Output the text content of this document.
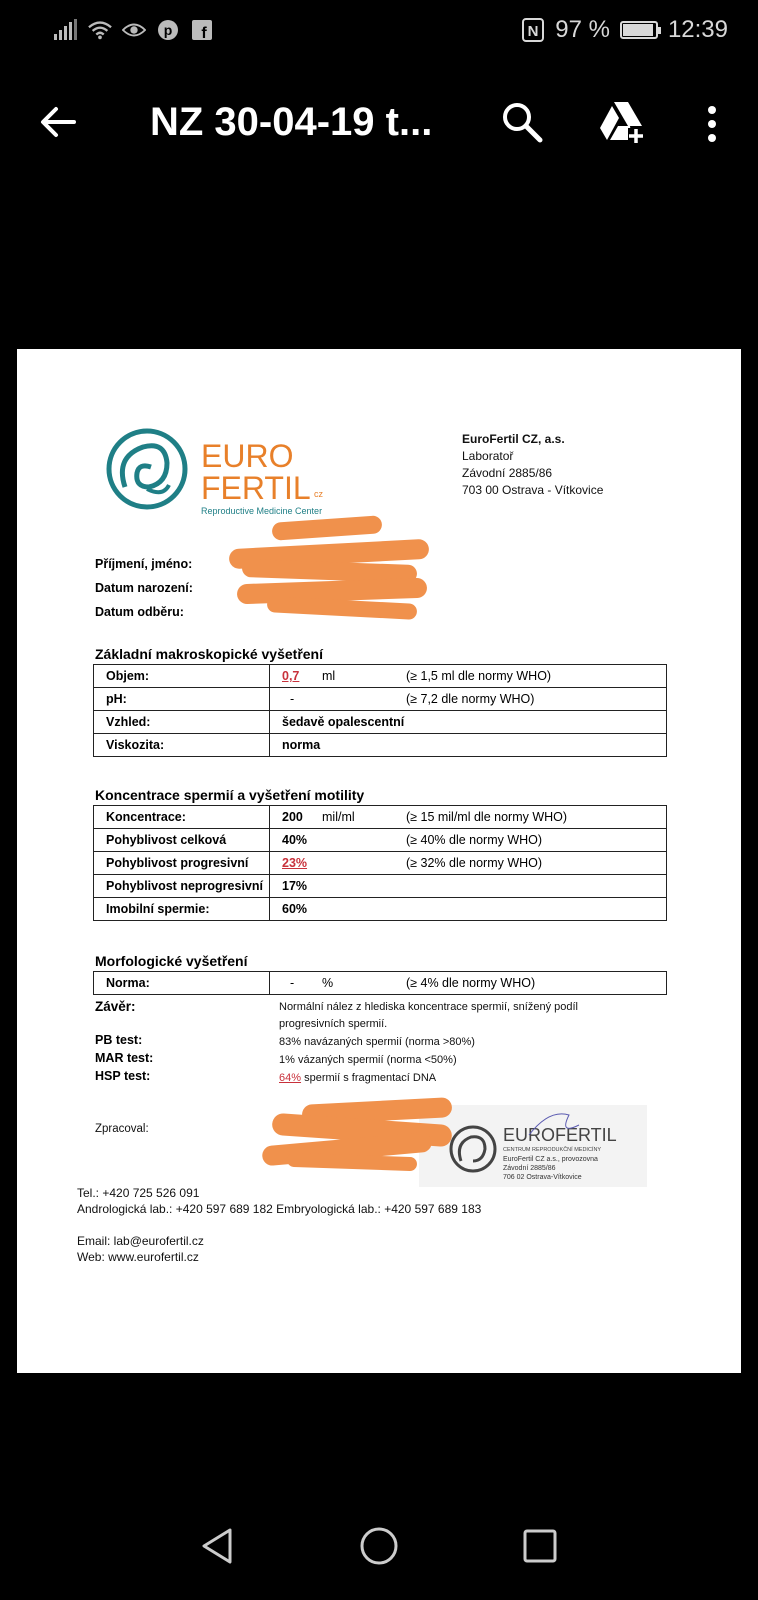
p f	N 97 % 12:39
NZ 30-04-19 t...
EURO
FERTIL cz
Reproductive Medicine Center
EuroFertil CZ, a.s.
Laboratoř
Závodní 2885/86
703 00 Ostrava - Vítkovice
Příjmení, jméno:
Datum narození:
Datum odběru:
Základní makroskopické vyšetření
Objem:	0,7 ml (≥ 1,5 ml dle normy WHO)
pH:	- (≥ 7,2 dle normy WHO)
Vzhled:	šedavě opalescentní
Viskozita:	norma
Koncentrace spermií a vyšetření motility
Koncentrace:	200 mil/ml (≥ 15 mil/ml dle normy WHO)
Pohyblivost celková	40% (≥ 40% dle normy WHO)
Pohyblivost progresivní	23% (≥ 32% dle normy WHO)
Pohyblivost neprogresivní	17%
Imobilní spermie:	60%
Morfologické vyšetření
Norma:	- %	(≥ 4% dle normy WHO)
Závěr:	Normální nález z hlediska koncentrace spermií, snížený podíl
progresivních spermií.
PB test:	83% navázaných spermií (norma >80%)
MAR test:	1% vázaných spermií (norma <50%)
HSP test:	64% spermií s fragmentací DNA
Zpracoval:	EUROFERTIL
CENTRUM REPRODUKČNÍ MEDICÍNY
EuroFertil CZ a.s., provozovna
Závodní 2885/86
706 02 Ostrava-Vítkovice
Tel.: +420 725 526 091
Andrologická lab.: +420 597 689 182 Embryologická lab.: +420 597 689 183
Email: lab@eurofertil.cz
Web: www.eurofertil.cz
